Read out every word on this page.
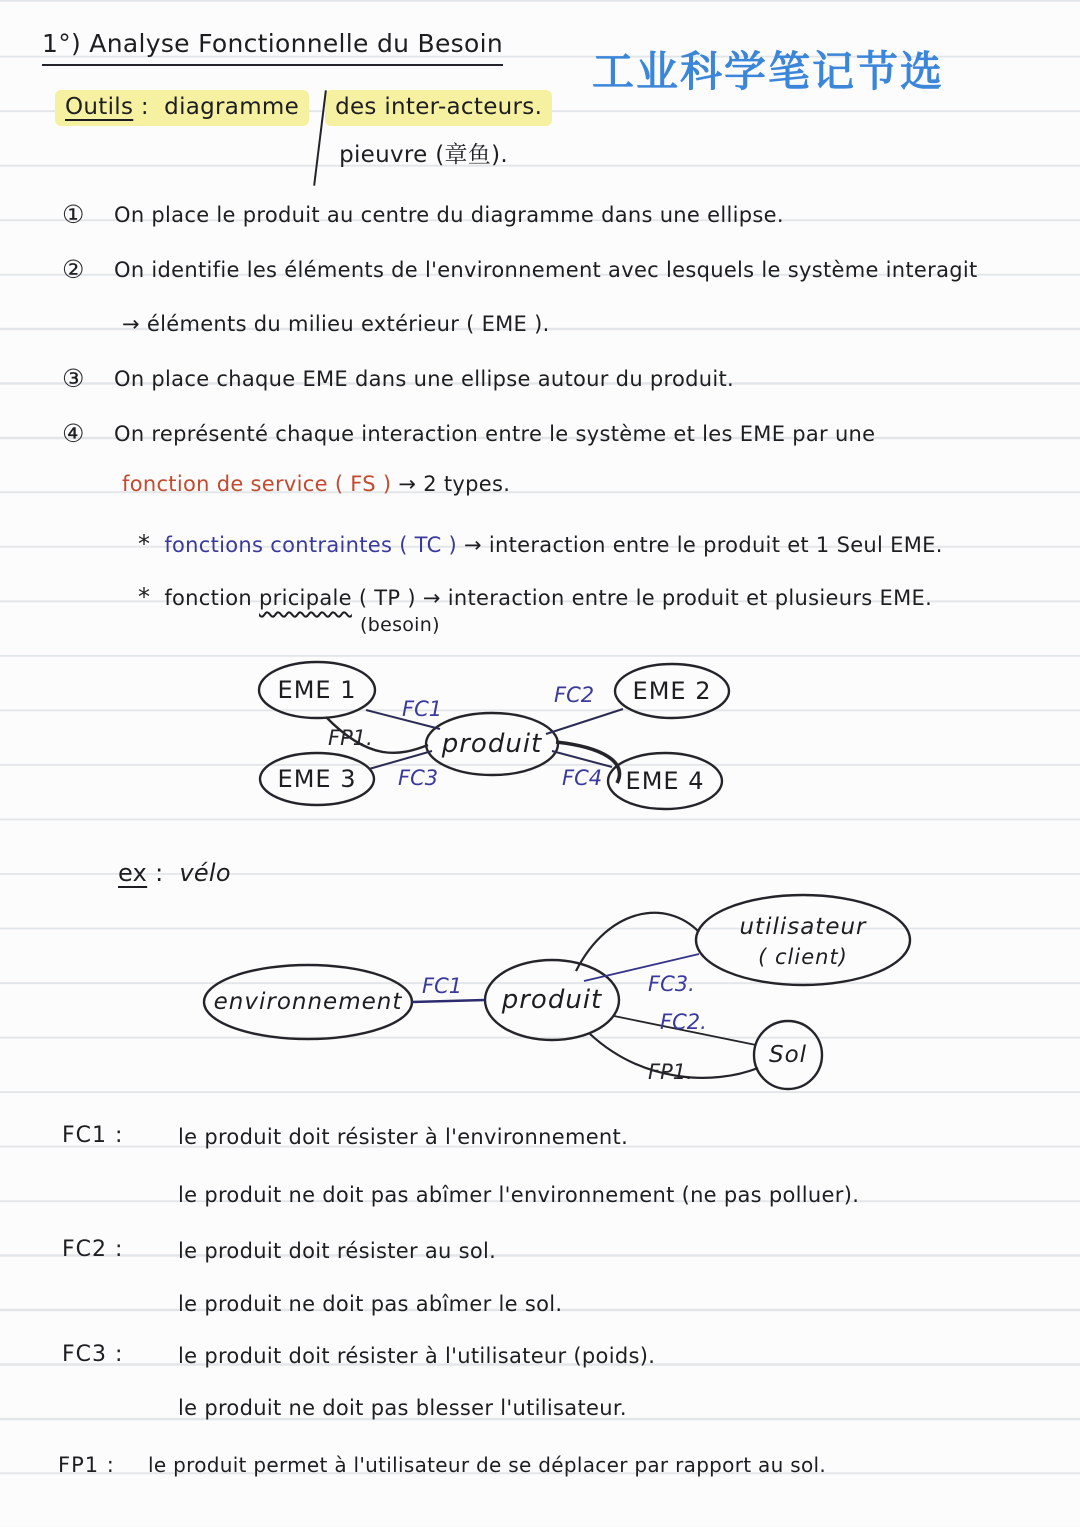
1°) Analyse Fonctionnelle du Besoin
工业科学笔记节选
Outils : diagramme	des inter-acteurs.
pieuvre (章鱼).
① On place le produit au centre du diagramme dans une ellipse.
② On identifie les éléments de l'environnement avec lesquels le système interagit
→ éléments du milieu extérieur ( EME ).
③ On place chaque EME dans une ellipse autour du produit.
④ On représenté chaque interaction entre le système et les EME par une
fonction de service ( FS ) → 2 types.
* fonctions contraintes ( TC ) → interaction entre le produit et 1 Seul EME.
* fonction pricipale ( TP ) → interaction entre le produit et plusieurs EME.
(besoin)
EME 1	EME 2
produit
EME 3	EME 4
FC1
FC2
FP1.
FC3	FC4
ex : vélo
environnement	produit
utilisateur
( client)
Sol
FC1	FC3.
FC2.
FP1.
FC1 :	le produit doit résister à l'environnement.
le produit ne doit pas abîmer l'environnement (ne pas polluer).
FC2 :	le produit doit résister au sol.
le produit ne doit pas abîmer le sol.
FC3 :	le produit doit résister à l'utilisateur (poids).
le produit ne doit pas blesser l'utilisateur.
FP1 : le produit permet à l'utilisateur de se déplacer par rapport au sol.
